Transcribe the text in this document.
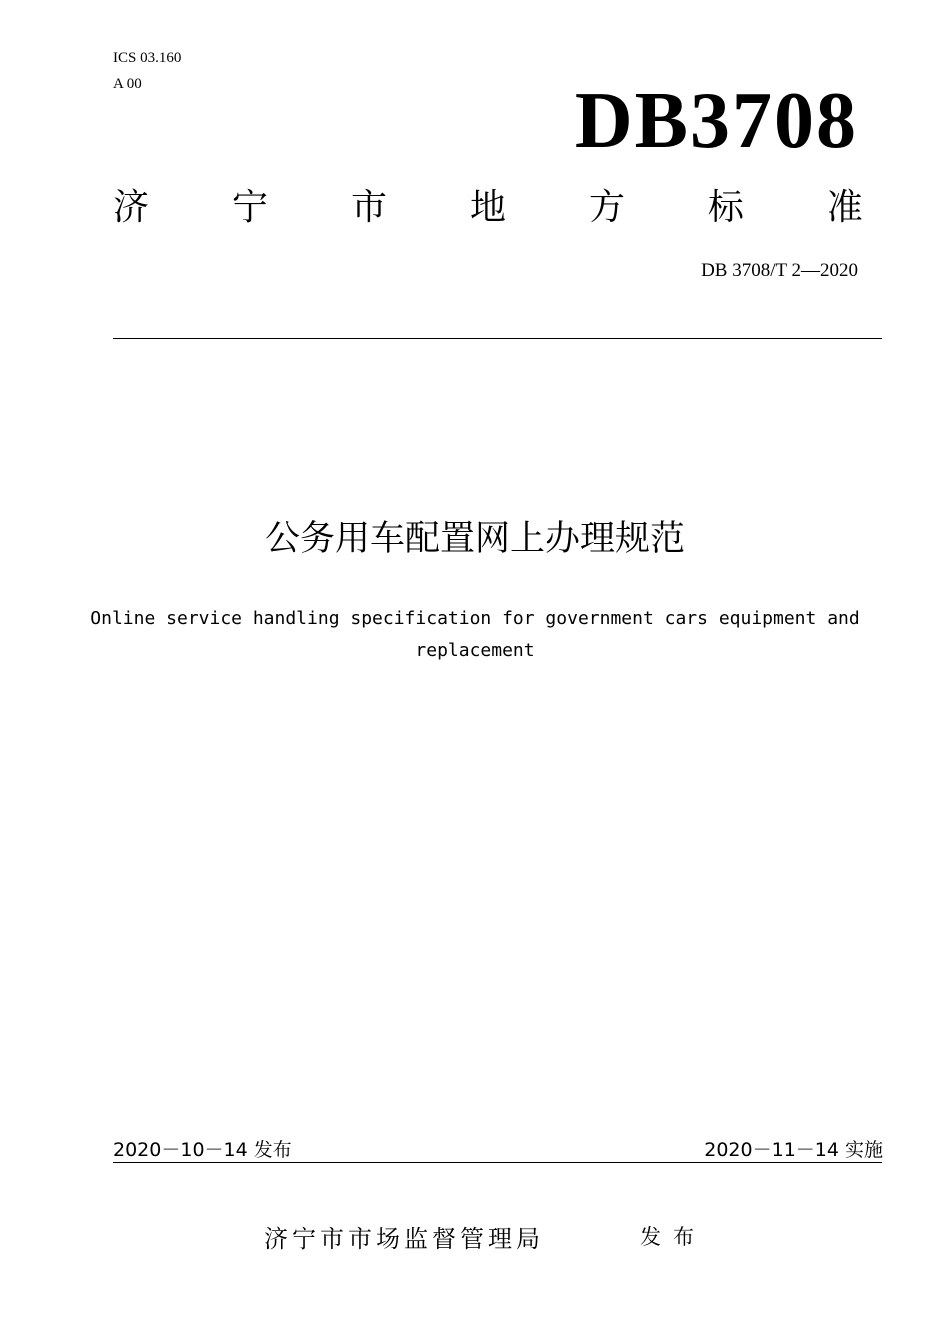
ICS 03.160
A 00	DB3708
济 宁 市 地 方 标 准
DB 3708/T 2—2020
公务用车配置网上办理规范
Online service handling specification for government cars equipment and replacement
2020－10－14 发布	2020－11－14 实施
济宁市市场监督管理局	发布
